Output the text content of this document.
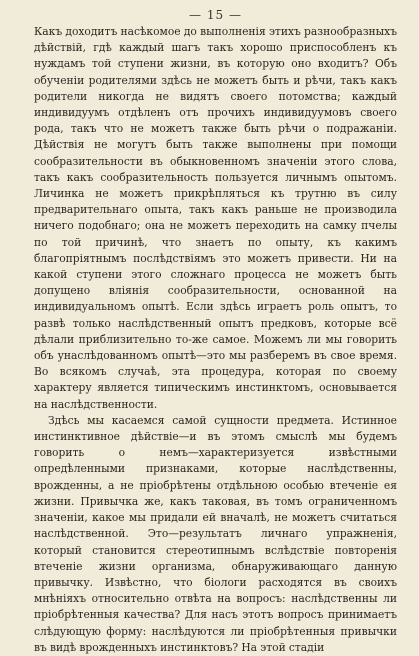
— 15 —

Какъ доходитъ насѣкомое до выполненія этихъ разнообразныхъ дѣйствій, гдѣ каждый шагъ такъ хорошо приспособленъ къ нуждамъ той ступени жизни, въ которую оно входитъ? Объ обученіи родителями здѣсь не можетъ быть и рѣчи, такъ какъ родители никогда не видятъ своего потомства; каждый индивидуумъ отдѣленъ отъ прочихъ индивидуумовъ своего рода, такъ что не можетъ также быть рѣчи о подражаніи. Дѣйствія не могутъ быть также выполнены при помощи сообразительности въ обыкновенномъ значеніи этого слова, такъ какъ сообразительность пользуется личнымъ опытомъ. Личинка не можетъ прикрѣпляться къ трутню въ силу предварительнаго опыта, такъ какъ раньше не производила ничего подобнаго; она не можетъ переходить на самку пчелы по той причинѣ, что знаетъ по опыту, къ какимъ благопріятнымъ послѣдствіямъ это можетъ привести. Ни на какой ступени этого сложнаго процесса не можетъ быть допущено вліянія сообразительности, основанной на индивидуальномъ опытѣ. Если здѣсь играетъ роль опытъ, то развѣ только наслѣдственный опытъ предковъ, которые всё дѣлали приблизительно то-же самое. Можемъ ли мы говорить объ унаслѣдованномъ опытѣ—это мы разберемъ въ свое время. Во всякомъ случаѣ, эта процедура, которая по своему характеру является типическимъ инстинктомъ, основывается на наслѣдственности.

Здѣсь мы касаемся самой сущности предмета. Истинное инстинктивное дѣйствіе—и въ этомъ смыслѣ мы будемъ говорить о немъ—характеризуется извѣстными опредѣленными признаками, которые наслѣдственны, врожденны, а не пріобрѣтены отдѣльною особью втеченіе ея жизни. Привычка же, какъ таковая, въ томъ ограниченномъ значеніи, какое мы придали ей вначалѣ, не можетъ считаться наслѣдственной. Это—результатъ личнаго упражненія, который становится стереотипнымъ вслѣдствіе повторенія втеченіе жизни организма, обнаруживающаго данную привычку. Извѣстно, что біологи расходятся въ своихъ мнѣніяхъ относительно отвѣта на вопросъ: наслѣдственны ли пріобрѣтенныя качества? Для насъ этотъ вопросъ принимаетъ слѣдующую форму: наслѣдуются ли пріобрѣтенныя привычки въ видѣ врожденныхъ инстинктовъ? На этой стадіи
